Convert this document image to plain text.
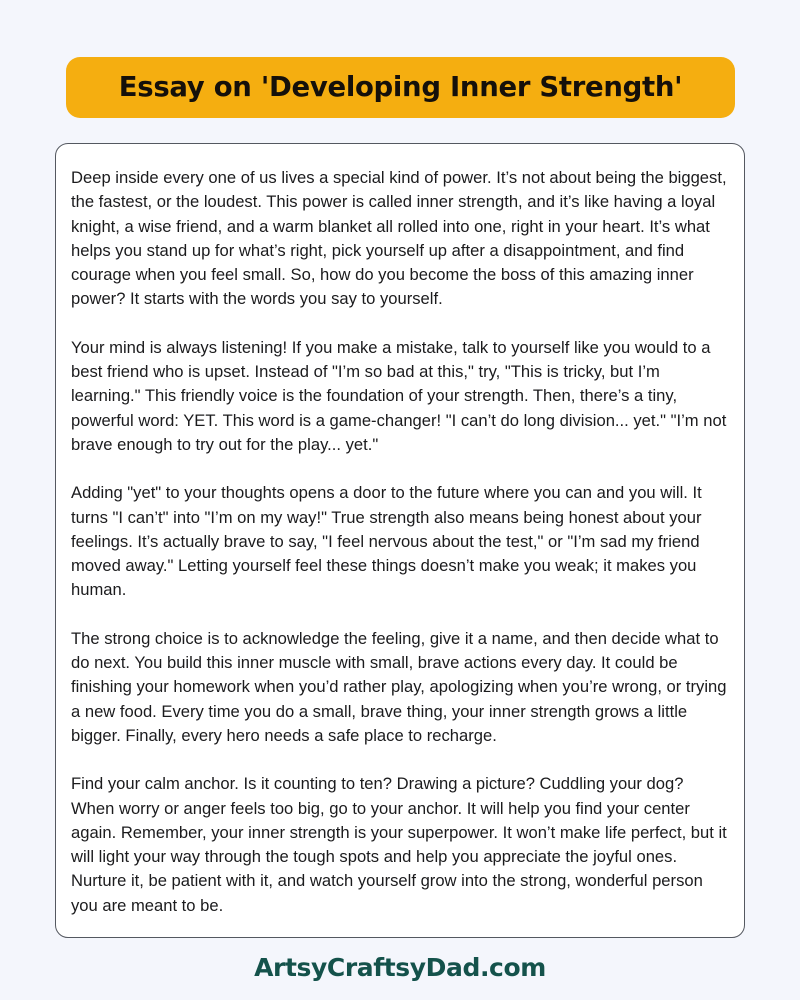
Essay on 'Developing Inner Strength'

Deep inside every one of us lives a special kind of power. It’s not about being the biggest, the fastest, or the loudest. This power is called inner strength, and it’s like having a loyal knight, a wise friend, and a warm blanket all rolled into one, right in your heart. It’s what helps you stand up for what’s right, pick yourself up after a disappointment, and find courage when you feel small. So, how do you become the boss of this amazing inner power? It starts with the words you say to yourself.

Your mind is always listening! If you make a mistake, talk to yourself like you would to a best friend who is upset. Instead of "I’m so bad at this," try, "This is tricky, but I’m learning." This friendly voice is the foundation of your strength. Then, there’s a tiny, powerful word: YET. This word is a game-changer! "I can’t do long division... yet." "I’m not brave enough to try out for the play... yet."

Adding "yet" to your thoughts opens a door to the future where you can and you will. It turns "I can’t" into "I’m on my way!" True strength also means being honest about your feelings. It’s actually brave to say, "I feel nervous about the test," or "I’m sad my friend moved away." Letting yourself feel these things doesn’t make you weak; it makes you human.

The strong choice is to acknowledge the feeling, give it a name, and then decide what to do next. You build this inner muscle with small, brave actions every day. It could be finishing your homework when you’d rather play, apologizing when you’re wrong, or trying a new food. Every time you do a small, brave thing, your inner strength grows a little bigger. Finally, every hero needs a safe place to recharge.

Find your calm anchor. Is it counting to ten? Drawing a picture? Cuddling your dog? When worry or anger feels too big, go to your anchor. It will help you find your center again. Remember, your inner strength is your superpower. It won’t make life perfect, but it will light your way through the tough spots and help you appreciate the joyful ones. Nurture it, be patient with it, and watch yourself grow into the strong, wonderful person you are meant to be.

ArtsyCraftsyDad.com
